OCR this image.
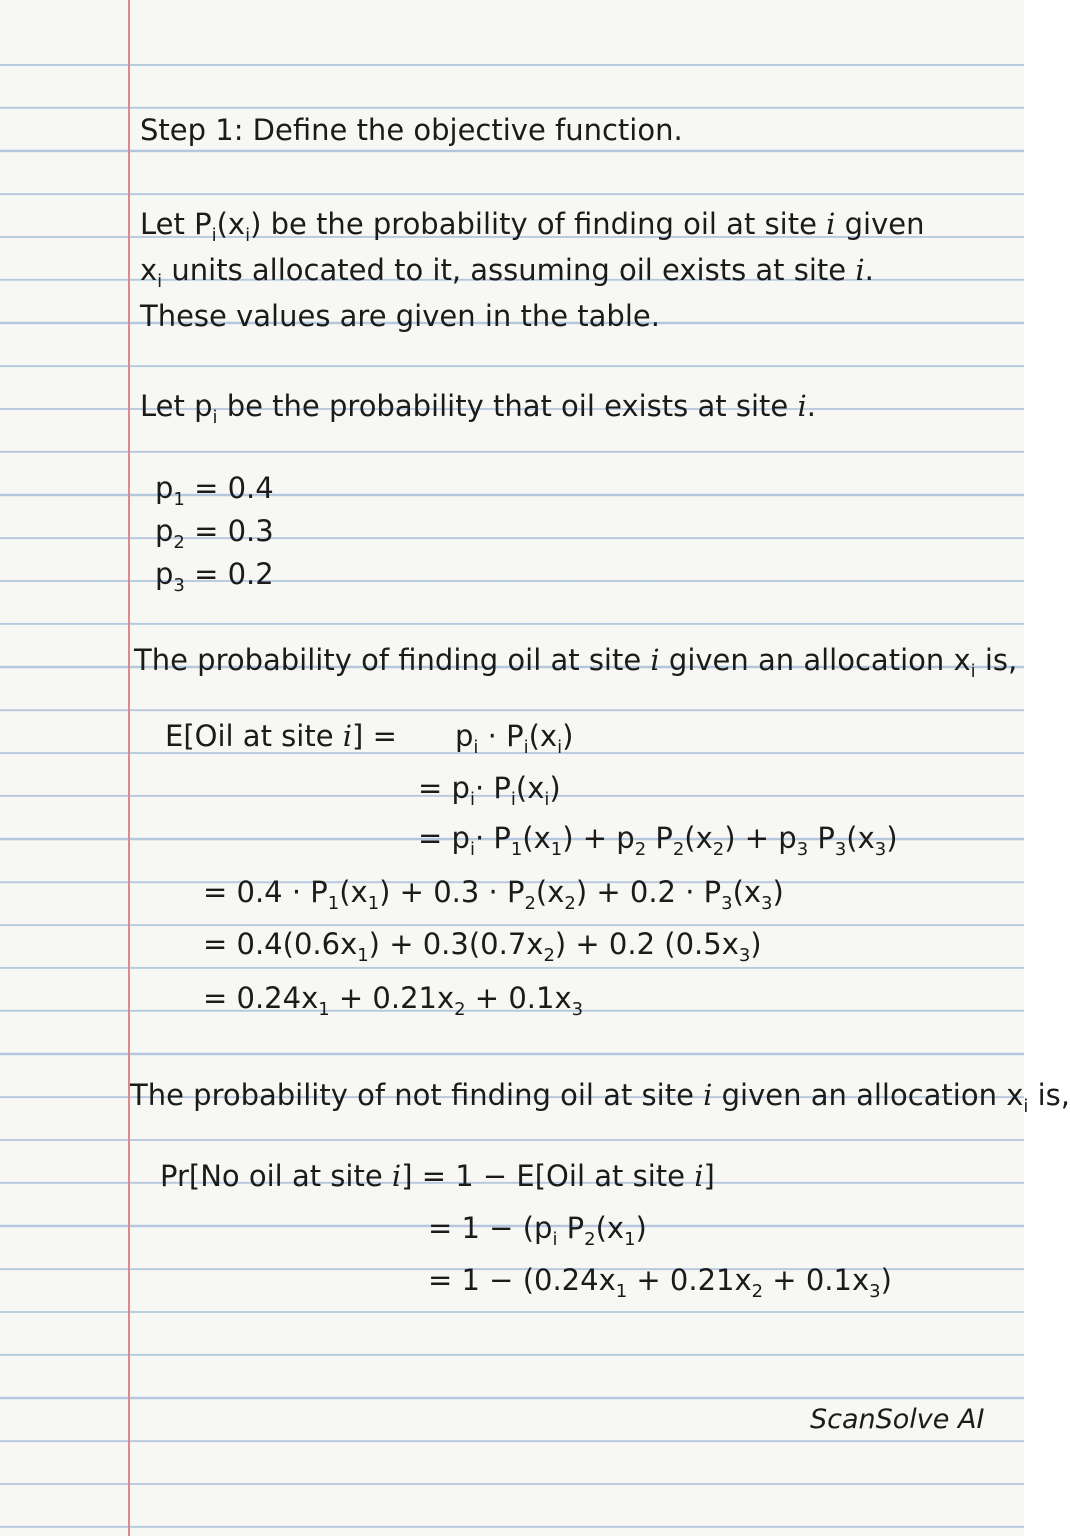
Step 1: Define the objective function.
Let $P_i(x_i)$ be the probability of finding oil at site i given
$x_i$ units allocated to it, assuming oil exists at site i.
These values are given in the table.
Let $p_i$ be the probability that oil exists at site i.
$p_1 = 0.4$
$p_2 = 0.3$
$p_3 = 0.2$
The probability of finding oil at site i given an allocation $x_i$ is,
E[Oil at site $i] = p_i \cdot P_i(x_i)$
= $p_i\cdot P_i(x_i)$
= $p_i\cdot P_1(x_1) + p_2$ $P_2(x_2) + p_3$ $P_3(x_3)$
= $0.4 \cdot P_1(x_1) + 0.3 \cdot P_2(x_2) + 0.2 \cdot P_3(x_3)$
= $0.4(0.6x_1) + 0.3(0.7x_2) + 0.2$ $(0.5x_3)$
= $0.24x_1 + 0.21x_2 + 0.1x_3$
The probability of not finding oil at site i given an allocation $x_i$ is,
Pr[No oil at site i] = 1 − E[Oil at site i]
= $1 - (p_i$ $P_2(x_1)$
= $1 - (0.24x_1 + 0.21x_2 + 0.1x_3)$
ScanSolve AI
